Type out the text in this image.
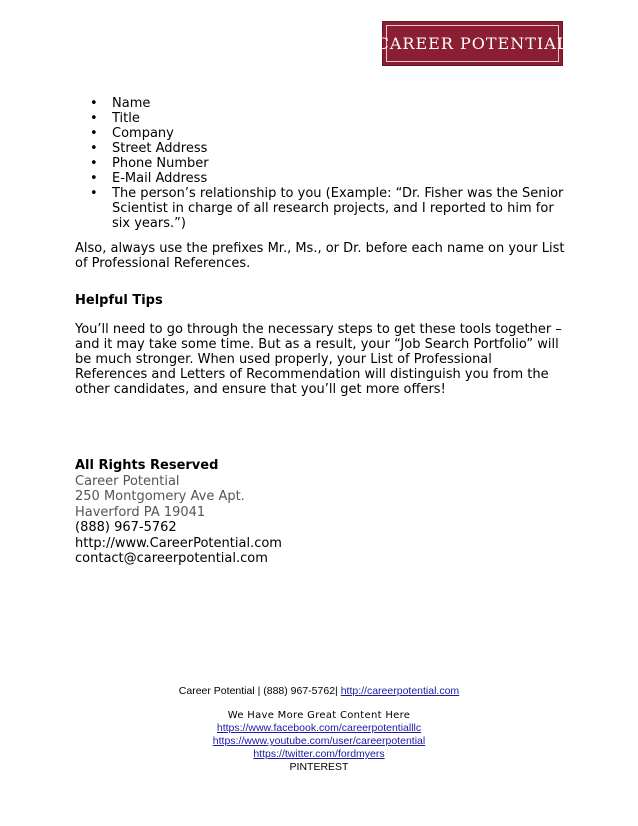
CAREER POTENTIAL
• Name
• Title
• Company
• Street Address
• Phone Number
• E-Mail Address
• The person’s relationship to you (Example: “Dr. Fisher was the Senior Scientist in charge of all research projects, and I reported to him for six years.”)

Also, always use the prefixes Mr., Ms., or Dr. before each name on your List of Professional References.

Helpful Tips

You’ll need to go through the necessary steps to get these tools together – and it may take some time. But as a result, your “Job Search Portfolio” will be much stronger. When used properly, your List of Professional References and Letters of Recommendation will distinguish you from the other candidates, and ensure that you’ll get more offers!

All Rights Reserved
Career Potential
250 Montgomery Ave Apt.
Haverford PA 19041
(888) 967-5762
http://www.CareerPotential.com
contact@careerpotential.com
Career Potential | (888) 967-5762| http://careerpotential.com
We Have More Great Content Here
https://www.facebook.com/careerpotentialllc
https://www.youtube.com/user/careerpotential
https://twitter.com/fordmyers
PINTEREST
